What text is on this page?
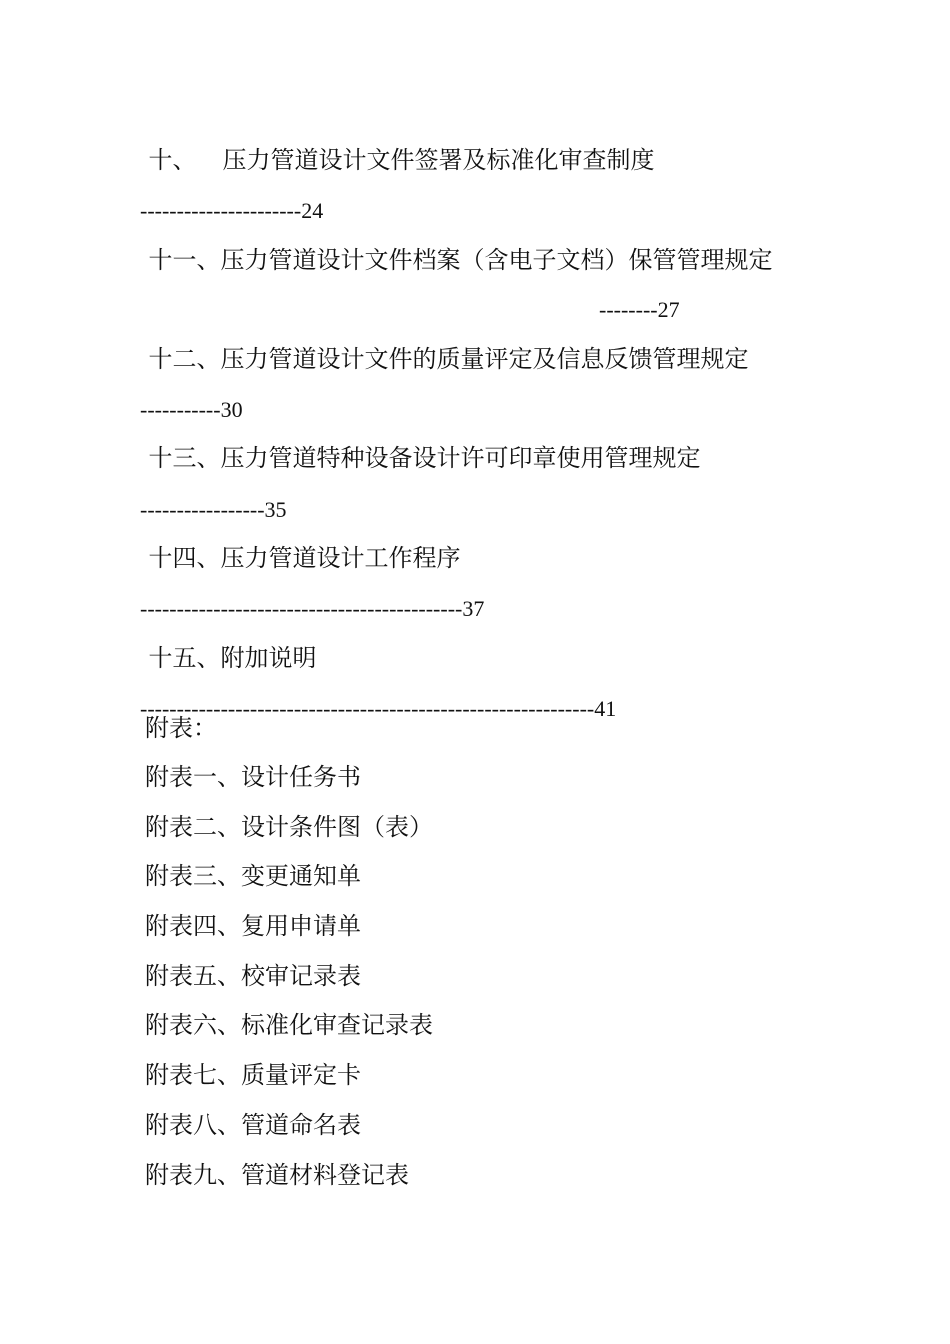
十、 压力管道设计文件签署及标准化审查制度

----------------------24

十一、压力管道设计文件档案（含电子文档）保管管理规定

--------27

十二、压力管道设计文件的质量评定及信息反馈管理规定

-----------30

十三、压力管道特种设备设计许可印章使用管理规定

-----------------35

十四、压力管道设计工作程序

--------------------------------------------37

十五、附加说明

--------------------------------------------------------------41

附表：
附表一、设计任务书
附表二、设计条件图（表）
附表三、变更通知单
附表四、复用申请单
附表五、校审记录表
附表六、标准化审查记录表
附表七、质量评定卡
附表八、管道命名表
附表九、管道材料登记表
